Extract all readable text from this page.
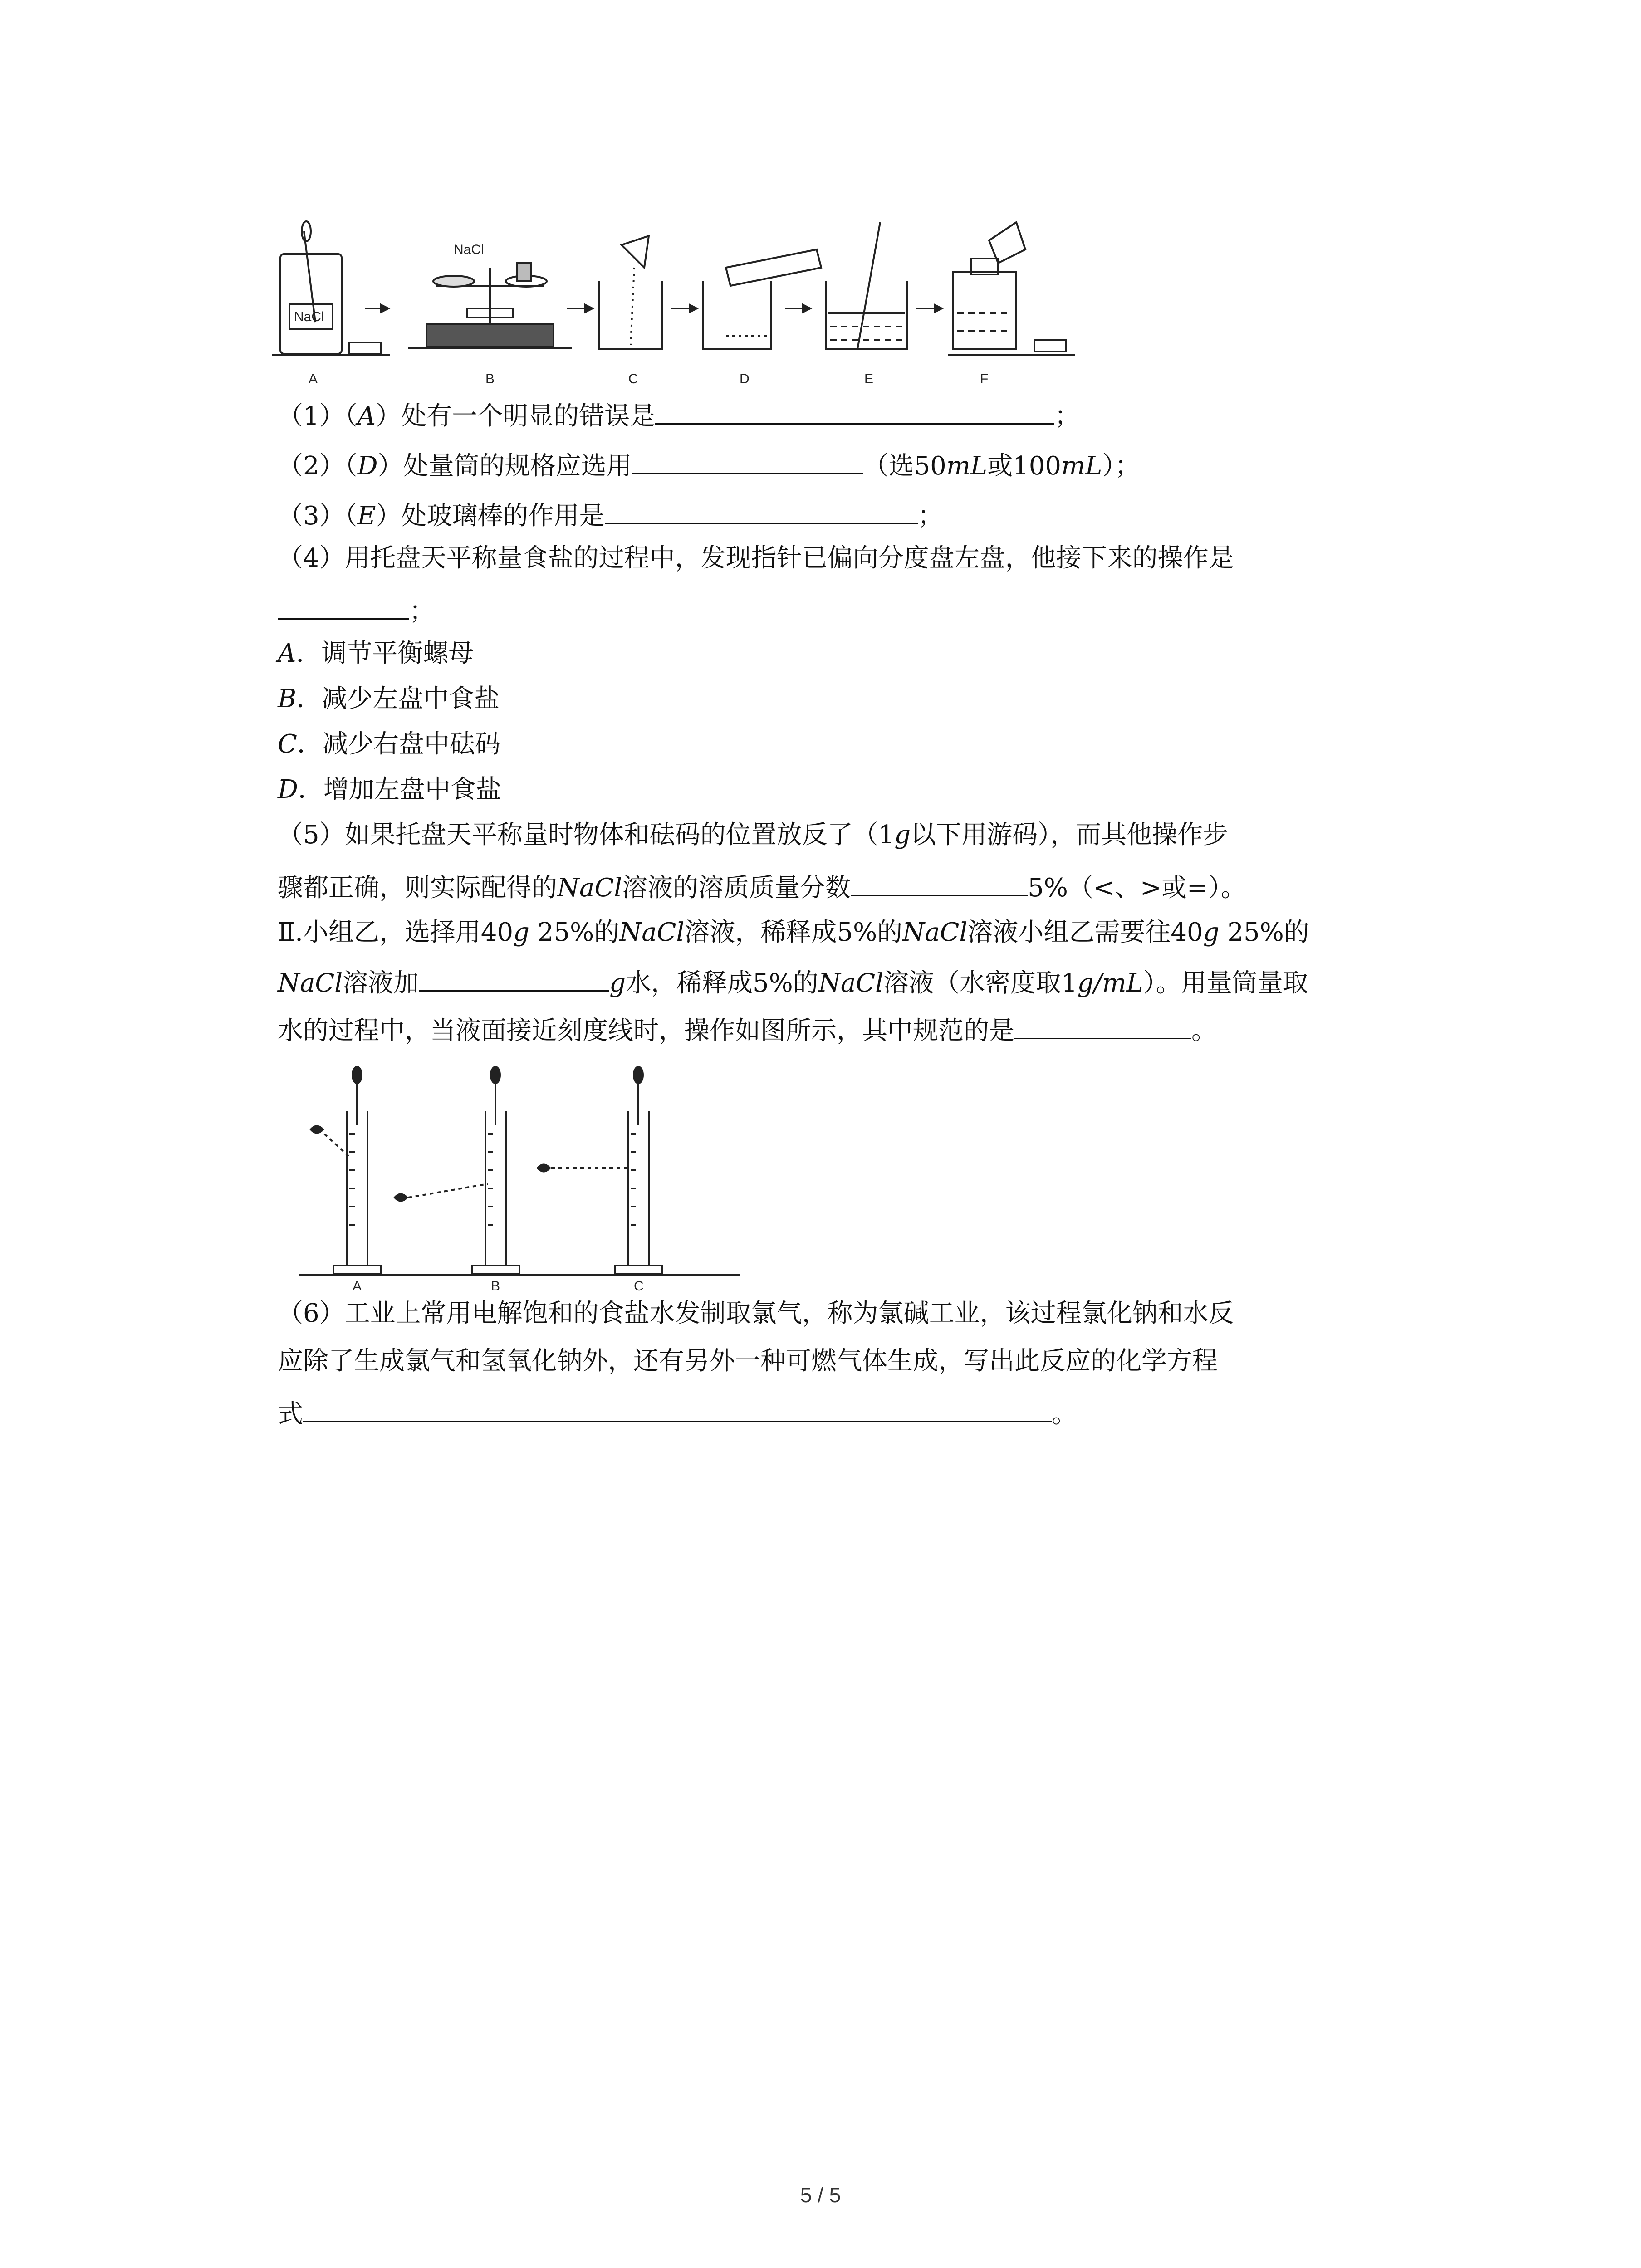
NaCl
NaCl
A	B	C	D	E	F
（1）（A）处有一个明显的错误是	；
（2）（D）处量筒的规格应选用	（选50mL或100mL）；
（3）（E）处玻璃棒的作用是	；
（4）用托盘天平称量食盐的过程中，发现指针已偏向分度盘左盘，他接下来的操作是
；
A．调节平衡螺母
B．减少左盘中食盐
C．减少右盘中砝码
D．增加左盘中食盐
（5）如果托盘天平称量时物体和砝码的位置放反了（1g以下用游码），而其他操作步
骤都正确，则实际配得的NaCl溶液的溶质质量分数	5%（<、>或=）。
Ⅱ.小组乙，选择用40g 25%的NaCl溶液，稀释成5%的NaCl溶液小组乙需要往40g 25%的
NaCl溶液加	g水，稀释成5%的NaCl溶液（水密度取1g/mL）。用量筒量取
水的过程中，当液面接近刻度线时，操作如图所示，其中规范的是	。
A	B	C
（6）工业上常用电解饱和的食盐水发制取氯气，称为氯碱工业，该过程氯化钠和水反
应除了生成氯气和氢氧化钠外，还有另外一种可燃气体生成，写出此反应的化学方程
式	。
5 / 5
